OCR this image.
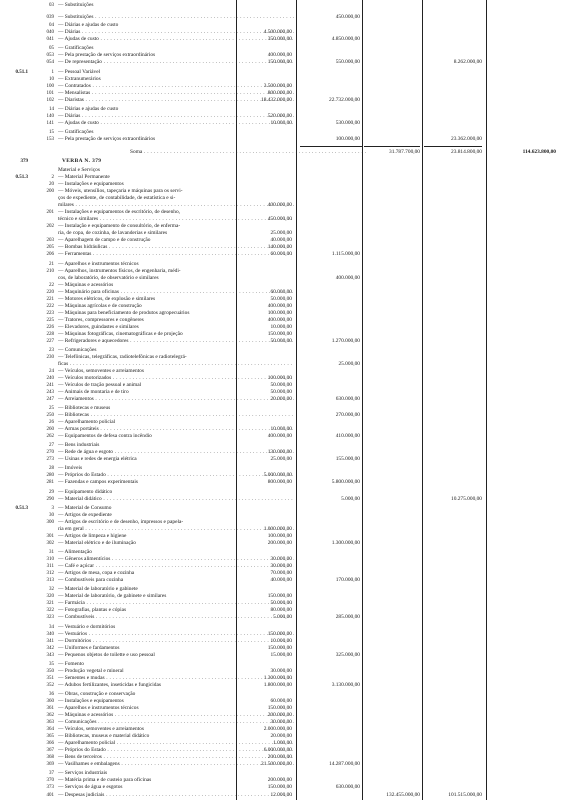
03 — Substituições
039 — Substituições . . .	450.000,00
04 — Diárias e ajudas de custo
040 — Diárias . . .	4.500.000,00
041 — Ajudas de custo . . .	350.000,00	4.850.000,00
05 — Gratificações
053 — Pela prestação de serviços extraordinários	400.000,00
054 — De representação . . .	150.000,00	550.000,00	8.262.000,00
0.51.1	1 — Pessoal Variável
10 — Extranumerários
100 — Contratados . . .	3.500.000,00
101 — Mensalistas . . .	800.000,00
102 — Diaristas . . .	18.432.000,00	22.732.000,00
14 — Diárias e ajudas de custo
140 — Diárias . . .	520.000,00
141 — Ajudas de custo . . .	10.000,00	530.000,00
15 — Gratificações
153 — Pela prestação de serviços extraordinários	100.000,00	23.362.000,00
Soma . . .	31.787.700,00	23.814.800,00	114.623.800,00
379	VERBA N. 379
Material e Serviços
0.51.3	2 — Material Permanente
20 — Instalações e equipamentos
200 — Móveis, utensílios, tapeçaria e máquinas para os servi-
ços de expediente, de contabilidade, de estatística e si-
milares . . .	400.000,00
201 — Instalações e equipamentos de escritório, de desenho,
técnico e similares . . .	450.000,00
202 — Instalação e equipamento de consultório, de enferma-
ria, de copa, de cozinha, de lavanderias e similares	25.000,00
203 — Aparelhagem de campo e de construção	40.000,00
205 — Bombas hidráulicas . . .	140.000,00
206 — Ferramentas . . .	60.000,00	1.115.000,00
21 — Aparelhos e instrumentos técnicos
210 — Aparelhos, instrumentos físicos, de engenharia, médi-
cos, de laboratório, de observatório e similares	400.000,00
22 — Máquinas e acessórios
220 — Maquinário para oficinas . . .	60.000,00
221 — Motores elétricos, de explosão e similares	50.000,00
222 — Máquinas agrícolas e de construção	400.000,00
223 — Máquinas para beneficiamento de produtos agropecuários	100.000,00
225 — Tratores, compressores e congêneres	400.000,00
226 — Elevadores, guindastes e similares	10.000,00
228 — Máquinas fotográficas, cinematográficas e de projeção	150.000,00
227 — Refrigeradores e aquecedores . . .	50.000,00	1.270.000,00
23 — Comunicações
230 — Telefônicas, telegráficas, radiotelefônicas e radiotelegrá-
ficas . . .	25.000,00
24 — Veículos, semoventes e arreiamentos
240 — Veículos motorizados . . .	100.000,00
241 — Veículos de tração pessoal e animal	50.000,00
243 — Animais de montaria e de tiro	50.000,00
247 — Arreiamentos . . .	20.000,00	630.000,00
25 — Bibliotecas e museus
250 — Bibliotecas . . .	270.000,00
26 — Aparelhamento policial
260 — Armas portáteis . . .	10.000,00
262 — Equipamentos de defesa contra incêndio	400.000,00	410.000,00
27 — Bens industriais
270 — Rede de água e esgoto . . .	130.000,00
273 — Usinas e redes de energia elétrica	25.000,00	155.000,00
28 — Imóveis
280 — Próprios do Estado . . .	5.000.000,00
281 — Fazendas e campos experimentais	800.000,00	5.800.000,00
29 — Equipamento didático
290 — Material didático . . .	5.000,00	10.275.000,00
0.51.3	3 — Material de Consumo
30 — Artigos de expediente
300 — Artigos de escritório e de desenho, impressos e papela-
ria em geral . . .	1.000.000,00
301 — Artigos de limpeza e higiene	100.000,00
302 — Material elétrico e de iluminação	200.000,00	1.300.000,00
31 — Alimentação
310 — Gêneros alimentícios . . .	30.000,00
311 — Café e açúcar . . .	30.000,00
312 — Artigos de mesa, copa e cozinha	70.000,00
313 — Combustíveis para cozinha	40.000,00	170.000,00
32 — Material de laboratório e gabinete
320 — Material de laboratório, de gabinete e similares	150.000,00
321 — Farmácia . . .	50.000,00
322 — Fotografias, plantas e cópias	80.000,00
323 — Combustíveis . . .	5.000,00	285.000,00
34 — Vestuário e dormitórios
340 — Vestuários . . .	150.000,00
341 — Dormitórios . . .	10.000,00
342 — Uniformes e fardamentos	150.000,00
343 — Pequenos objetos de toilette e uso pessoal	15.000,00	325.000,00
35 — Fomento
350 — Produção vegetal e mineral	30.000,00
351 — Sementes e mudas . . .	1.300.000,00
352 — Adubos fertilizantes, inseticidas e fungicidas	1.800.000,00	3.130.000,00
36 — Obras, construção e conservação
360 — Instalações e equipamentos	60.000,00
361 — Aparelhos e instrumentos técnicos	150.000,00
362 — Máquinas e acessórios . . .	200.000,00
363 — Comunicações . . .	30.000,00
364 — Veículos, semoventes e arreiamentos	2.000.000,00
365 — Bibliotecas, museus e material didático	20.000,00
366 — Aparelhamento policial . . .	1.000,00
367 — Próprios do Estado . . .	6.000.000,00
368 — Bens de terceiros . . .	200.000,00
369 — Vasilhames e embalagens . . .	21.500.000,00	14.287.000,00
37 — Serviços industriais
370 — Matéria prima e de custeio para oficinas	200.000,00
373 — Serviços de água e esgotos	150.000,00	630.000,00
401 — Despesas judiciais . . .	12.000,00	132.455.000,00	101.515.000,00
